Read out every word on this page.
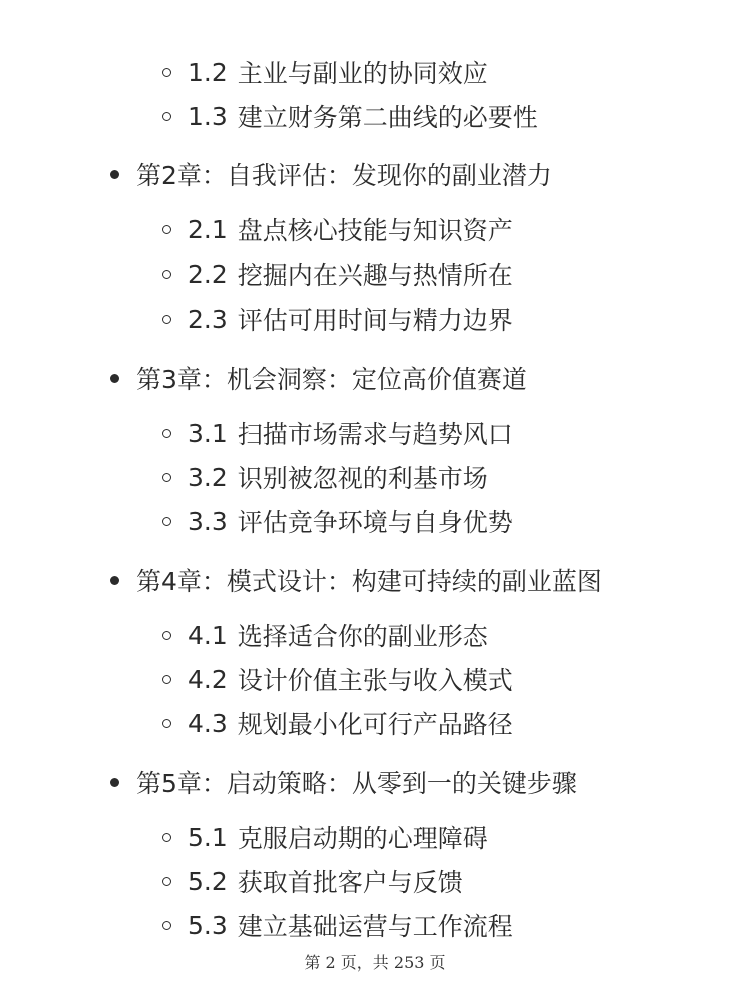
1.2 主业与副业的协同效应
1.3 建立财务第二曲线的必要性
第2章：自我评估：发现你的副业潜力
2.1 盘点核心技能与知识资产
2.2 挖掘内在兴趣与热情所在
2.3 评估可用时间与精力边界
第3章：机会洞察：定位高价值赛道
3.1 扫描市场需求与趋势风口
3.2 识别被忽视的利基市场
3.3 评估竞争环境与自身优势
第4章：模式设计：构建可持续的副业蓝图
4.1 选择适合你的副业形态
4.2 设计价值主张与收入模式
4.3 规划最小化可行产品路径
第5章：启动策略：从零到一的关键步骤
5.1 克服启动期的心理障碍
5.2 获取首批客户与反馈
5.3 建立基础运营与工作流程
第 2 页，共 253 页
